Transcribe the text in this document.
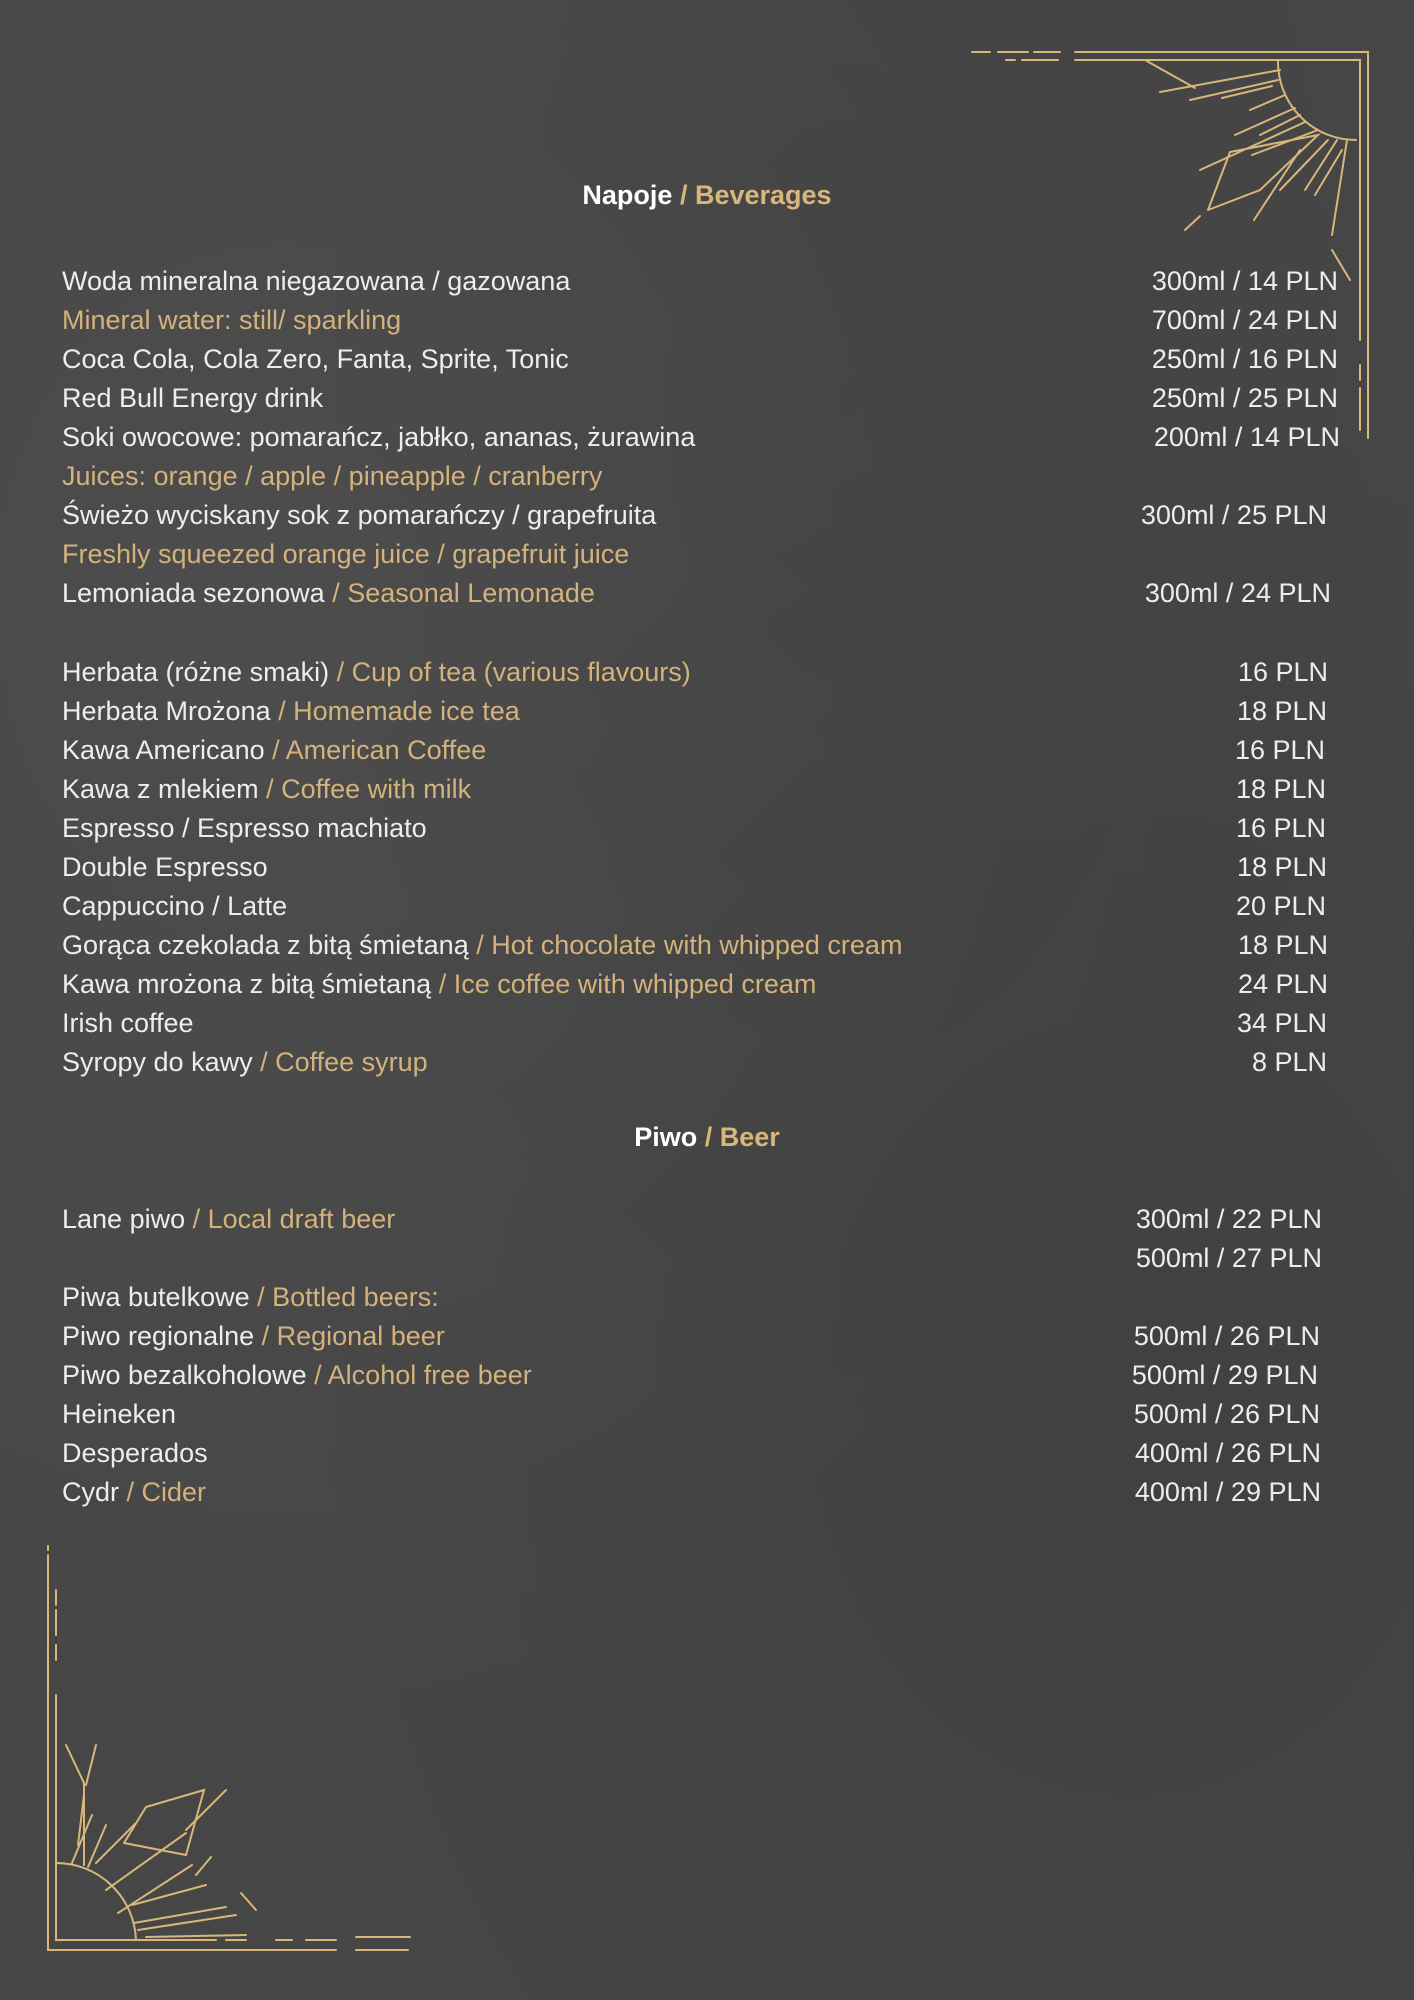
Napoje / Beverages
Woda mineralna niegazowana / gazowana	300ml / 14 PLN
Mineral water: still/ sparkling	700ml / 24 PLN
Coca Cola, Cola Zero, Fanta, Sprite, Tonic	250ml / 16 PLN
Red Bull Energy drink	250ml / 25 PLN
Soki owocowe: pomarańcz, jabłko, ananas, żurawina	200ml / 14 PLN
Juices: orange / apple / pineapple / cranberry
Świeżo wyciskany sok z pomarańczy / grapefruita	300ml / 25 PLN
Freshly squeezed orange juice / grapefruit juice
Lemoniada sezonowa / Seasonal Lemonade	300ml / 24 PLN
Herbata (różne smaki) / Cup of tea (various flavours)	16 PLN
Herbata Mrożona / Homemade ice tea	18 PLN
Kawa Americano / American Coffee	16 PLN
Kawa z mlekiem / Coffee with milk	18 PLN
Espresso / Espresso machiato	16 PLN
Double Espresso	18 PLN
Cappuccino / Latte	20 PLN
Gorąca czekolada z bitą śmietaną / Hot chocolate with whipped cream	18 PLN
Kawa mrożona z bitą śmietaną / Ice coffee with whipped cream	24 PLN
Irish coffee	34 PLN
Syropy do kawy / Coffee syrup	8 PLN
Piwo / Beer
Lane piwo / Local draft beer	300ml / 22 PLN
500ml / 27 PLN
Piwa butelkowe / Bottled beers:
Piwo regionalne / Regional beer	500ml / 26 PLN
Piwo bezalkoholowe / Alcohol free beer	500ml / 29 PLN
Heineken	500ml / 26 PLN
Desperados	400ml / 26 PLN
Cydr / Cider	400ml / 29 PLN
